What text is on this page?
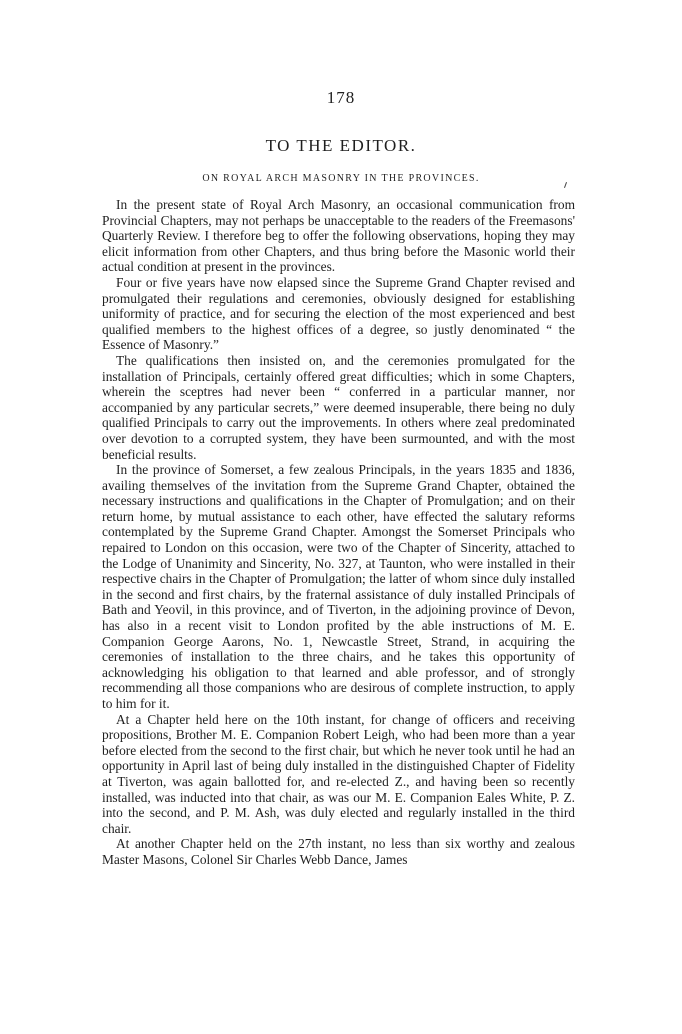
178
TO THE EDITOR.
ON ROYAL ARCH MASONRY IN THE PROVINCES.

In the present state of Royal Arch Masonry, an occasional communication from Provincial Chapters, may not perhaps be unacceptable to the readers of the Freemasons' Quarterly Review. I therefore beg to offer the following observations, hoping they may elicit information from other Chapters, and thus bring before the Masonic world their actual condition at present in the provinces.

Four or five years have now elapsed since the Supreme Grand Chapter revised and promulgated their regulations and ceremonies, obviously designed for establishing uniformity of practice, and for securing the election of the most experienced and best qualified members to the highest offices of a degree, so justly denominated “ the Essence of Masonry.”

The qualifications then insisted on, and the ceremonies promulgated for the installation of Principals, certainly offered great difficulties; which in some Chapters, wherein the sceptres had never been “ conferred in a particular manner, nor accompanied by any particular secrets,” were deemed insuperable, there being no duly qualified Principals to carry out the improvements. In others where zeal predominated over devotion to a corrupted system, they have been surmounted, and with the most beneficial results.

In the province of Somerset, a few zealous Principals, in the years 1835 and 1836, availing themselves of the invitation from the Supreme Grand Chapter, obtained the necessary instructions and qualifications in the Chapter of Promulgation; and on their return home, by mutual assistance to each other, have effected the salutary reforms contemplated by the Supreme Grand Chapter. Amongst the Somerset Principals who repaired to London on this occasion, were two of the Chapter of Sincerity, attached to the Lodge of Unanimity and Sincerity, No. 327, at Taunton, who were installed in their respective chairs in the Chapter of Promulgation; the latter of whom since duly installed in the second and first chairs, by the fraternal assistance of duly installed Principals of Bath and Yeovil, in this province, and of Tiverton, in the adjoining province of Devon, has also in a recent visit to London profited by the able instructions of M. E. Companion George Aarons, No. 1, Newcastle Street, Strand, in acquiring the ceremonies of installation to the three chairs, and he takes this opportunity of acknowledging his obligation to that learned and able professor, and of strongly recommending all those companions who are desirous of complete instruction, to apply to him for it.

At a Chapter held here on the 10th instant, for change of officers and receiving propositions, Brother M. E. Companion Robert Leigh, who had been more than a year before elected from the second to the first chair, but which he never took until he had an opportunity in April last of being duly installed in the distinguished Chapter of Fidelity at Tiverton, was again ballotted for, and re-elected Z., and having been so recently installed, was inducted into that chair, as was our M. E. Companion Eales White, P. Z. into the second, and P. M. Ash, was duly elected and regularly installed in the third chair.

At another Chapter held on the 27th instant, no less than six worthy and zealous Master Masons, Colonel Sir Charles Webb Dance, James
